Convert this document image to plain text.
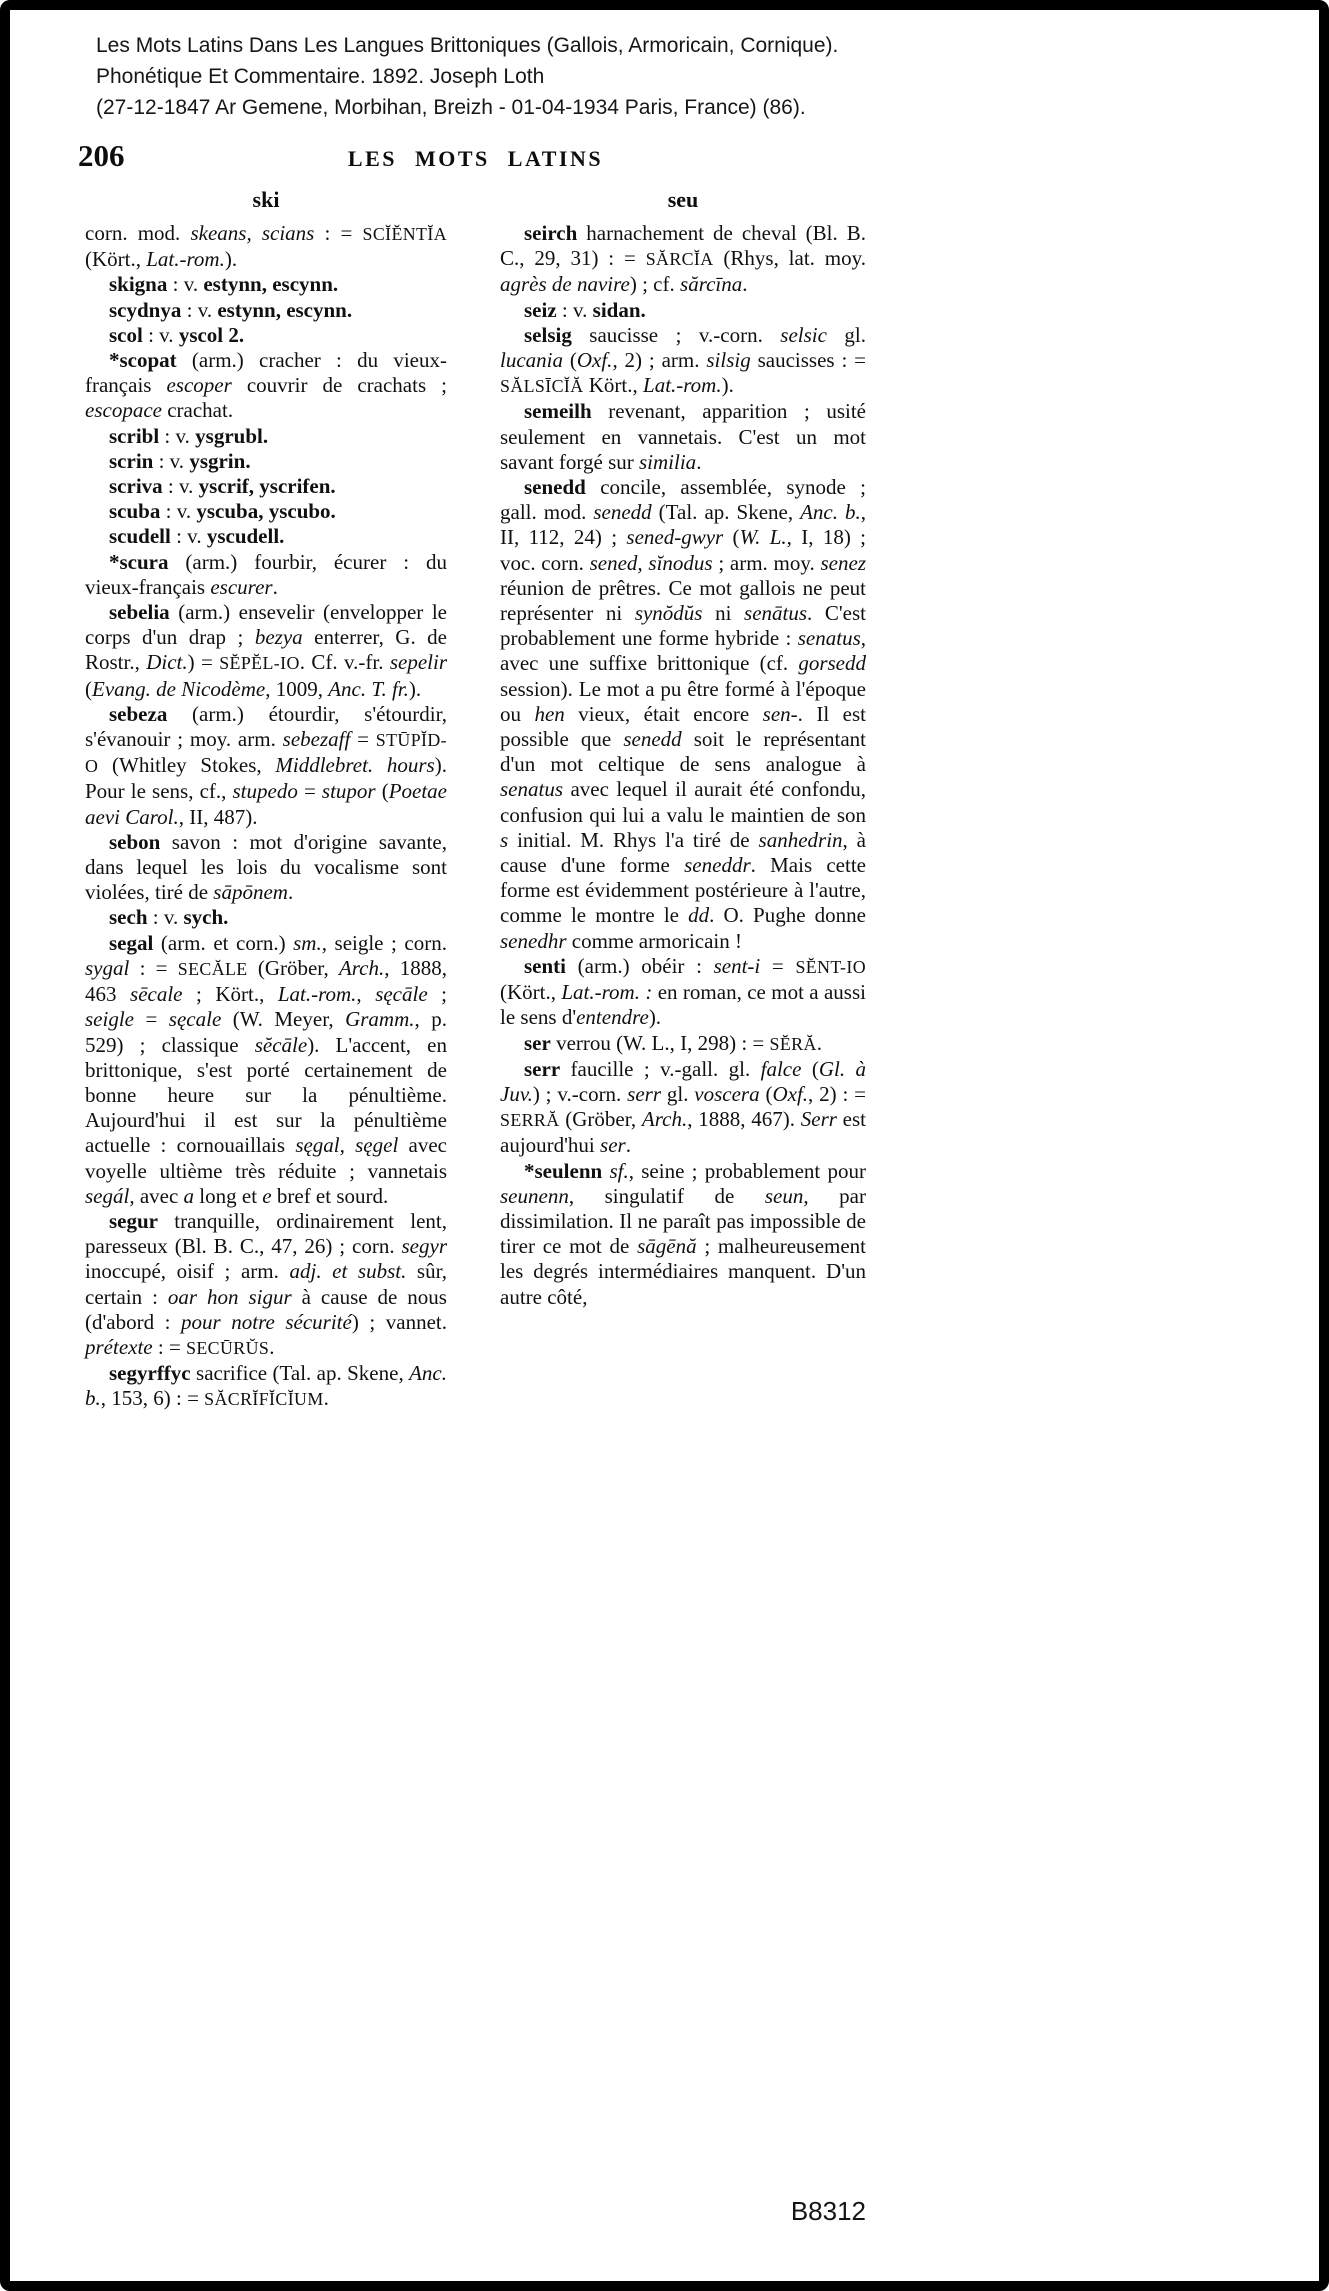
Les Mots Latins Dans Les Langues Brittoniques (Gallois, Armoricain, Cornique).
Phonétique Et Commentaire. 1892. Joseph Loth
(27-12-1847 Ar Gemene, Morbihan, Breizh - 01-04-1934 Paris, France) (86).
206	LES MOTS LATINS
ski	seu

corn. mod. skeans, scians : = SCĬĔNTĬA (Kört., Lat.-rom.).

skigna : v. estynn, escynn.

scydnya : v. estynn, escynn.

scol : v. yscol 2.

*scopat (arm.) cracher : du vieux-français escoper couvrir de crachats ; escopace crachat.

scribl : v. ysgrubl.

scrin : v. ysgrin.

scriva : v. yscrif, yscrifen.

scuba : v. yscuba, yscubo.

scudell : v. yscudell.

*scura (arm.) fourbir, écurer : du vieux-français escurer.

sebelia (arm.) ensevelir (envelopper le corps d'un drap ; bezya enterrer, G. de Rostr., Dict.) = SĔPĔL-IO. Cf. v.-fr. sepelir (Evang. de Nicodème, 1009, Anc. T. fr.).

sebeza (arm.) étourdir, s'étourdir, s'évanouir ; moy. arm. sebezaff = STŪPĬD-O (Whitley Stokes, Middlebret. hours). Pour le sens, cf., stupedo = stupor (Poetae aevi Carol., II, 487).

sebon savon : mot d'origine savante, dans lequel les lois du vocalisme sont violées, tiré de sāpōnem.

sech : v. sych.

segal (arm. et corn.) sm., seigle ; corn. sygal : = SECĂLE (Gröber, Arch., 1888, 463 sēcale ; Kört., Lat.-rom., sęcāle ; seigle = sęcale (W. Meyer, Gramm., p. 529) ; classique sĕcāle). L'accent, en brittonique, s'est porté certainement de bonne heure sur la pénultième. Aujourd'hui il est sur la pénultième actuelle : cornouaillais sęgal, sęgel avec voyelle ultième très réduite ; vannetais segál, avec a long et e bref et sourd.

segur tranquille, ordinairement lent, paresseux (Bl. B. C., 47, 26) ; corn. segyr inoccupé, oisif ; arm. adj. et subst. sûr, certain : oar hon sigur à cause de nous (d'abord : pour notre sécurité) ; vannet. prétexte : = SECŪRŬS.

segyrffyc sacrifice (Tal. ap. Skene, Anc. b., 153, 6) : = SĂCRĬFĬCĬUM.

seirch harnachement de cheval (Bl. B. C., 29, 31) : = SĂRCĬA (Rhys, lat. moy. agrès de navire) ; cf. sărcīna.

seiz : v. sidan.

selsig saucisse ; v.-corn. selsic gl. lucania (Oxf., 2) ; arm. silsig saucisses : = SĂLSĪCĬĂ Kört., Lat.-rom.).

semeilh revenant, apparition ; usité seulement en vannetais. C'est un mot savant forgé sur similia.

senedd concile, assemblée, synode ; gall. mod. senedd (Tal. ap. Skene, Anc. b., II, 112, 24) ; sened-gwyr (W. L., I, 18) ; voc. corn. sened, sĭnodus ; arm. moy. senez réunion de prêtres. Ce mot gallois ne peut représenter ni synŏdŭs ni senātus. C'est probablement une forme hybride : senatus, avec une suffixe brittonique (cf. gorsedd session). Le mot a pu être formé à l'époque ou hen vieux, était encore sen-. Il est possible que senedd soit le représentant d'un mot celtique de sens analogue à senatus avec lequel il aurait été confondu, confusion qui lui a valu le maintien de son s initial. M. Rhys l'a tiré de sanhedrin, à cause d'une forme seneddr. Mais cette forme est évidemment postérieure à l'autre, comme le montre le dd. O. Pughe donne senedhr comme armoricain !

senti (arm.) obéir : sent-i = SĔNT-IO (Kört., Lat.-rom. : en roman, ce mot a aussi le sens d'entendre).

ser verrou (W. L., I, 298) : = SĔRĂ.

serr faucille ; v.-gall. gl. falce (Gl. à Juv.) ; v.-corn. serr gl. voscera (Oxf., 2) : = SERRĂ (Gröber, Arch., 1888, 467). Serr est aujourd'hui ser.

*seulenn sf., seine ; probablement pour seunenn, singulatif de seun, par dissimilation. Il ne paraît pas impossible de tirer ce mot de sāgēnă ; malheureusement les degrés intermédiaires manquent. D'un autre côté,

B8312
